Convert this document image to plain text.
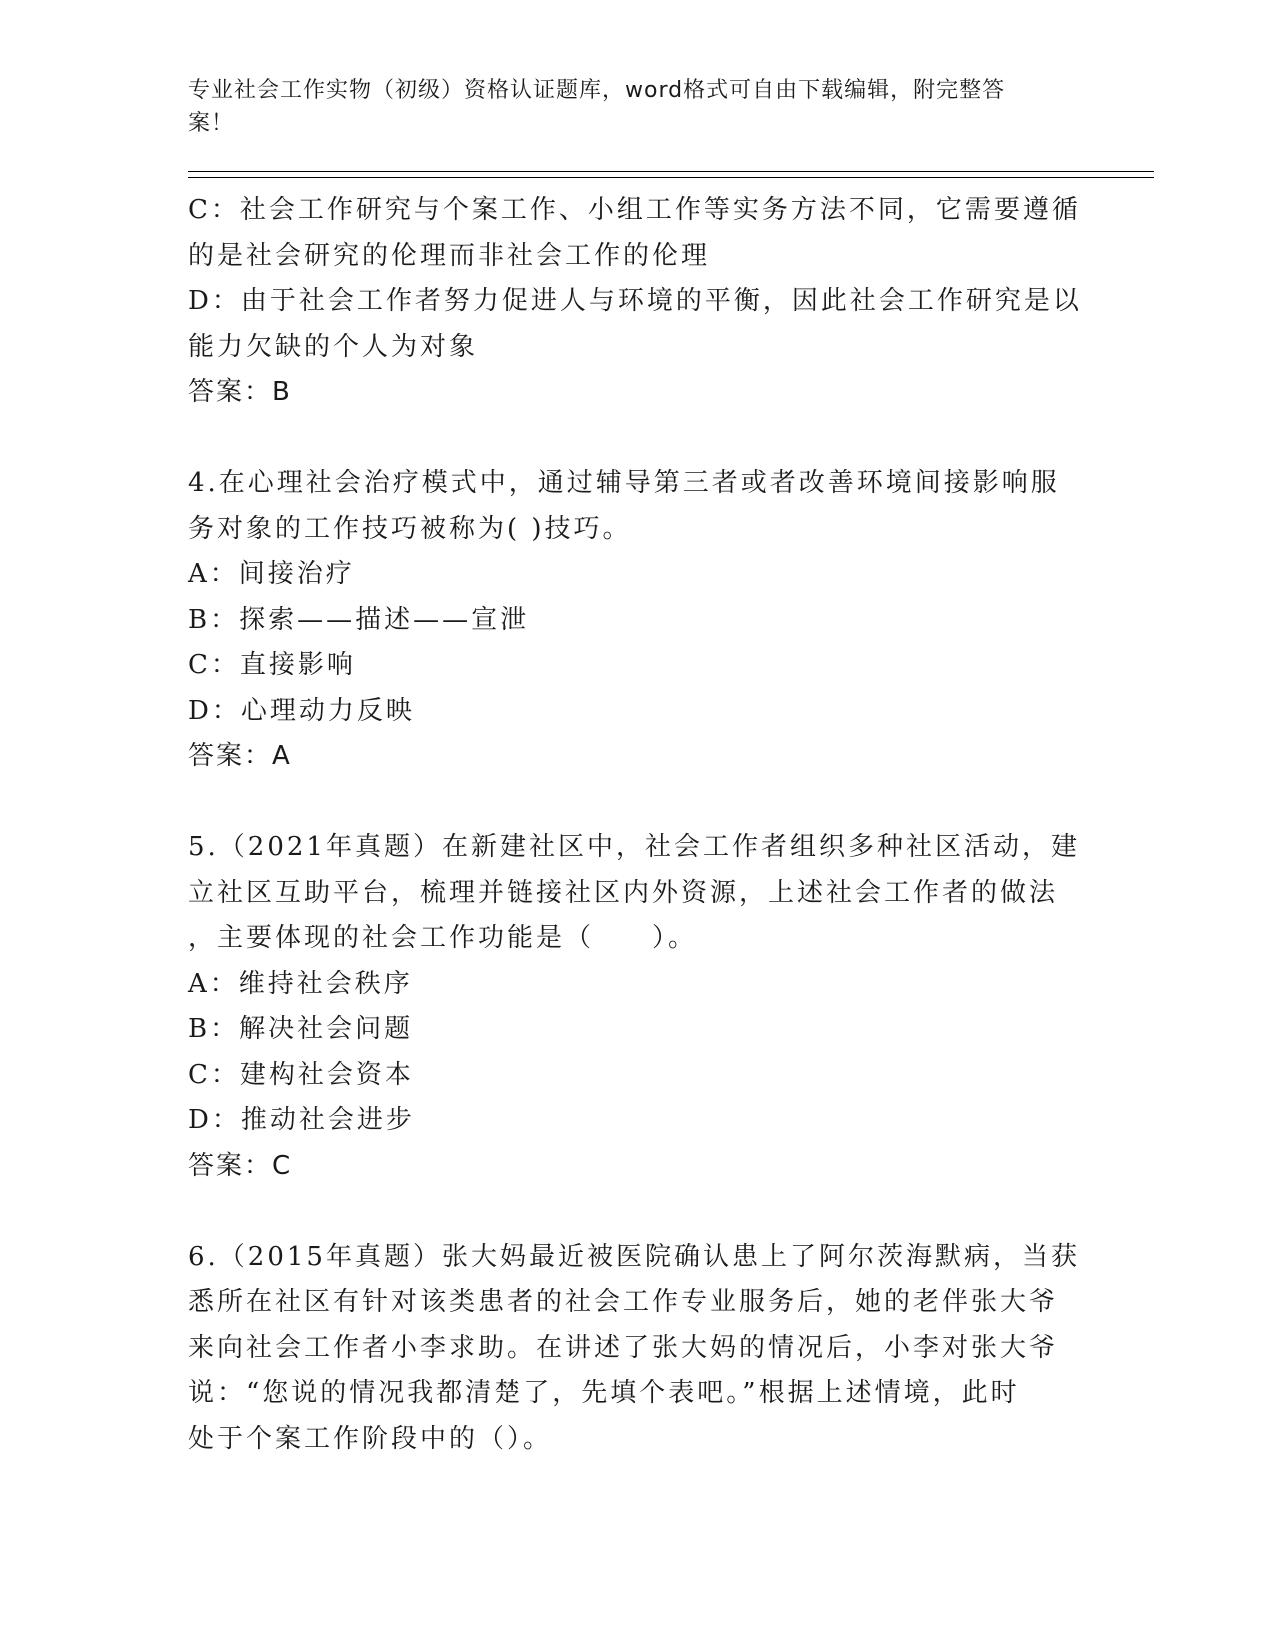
专业社会工作实物（初级）资格认证题库，word格式可自由下载编辑，附完整答
案！
C：社会工作研究与个案工作、小组工作等实务方法不同，它需要遵循
的是社会研究的伦理而非社会工作的伦理
D：由于社会工作者努力促进人与环境的平衡，因此社会工作研究是以
能力欠缺的个人为对象
答案：B
4.在心理社会治疗模式中，通过辅导第三者或者改善环境间接影响服
务对象的工作技巧被称为( )技巧。
A：间接治疗
B：探索——描述——宣泄
C：直接影响
D：心理动力反映
答案：A
5.（2021年真题）在新建社区中，社会工作者组织多种社区活动，建
立社区互助平台，梳理并链接社区内外资源，上述社会工作者的做法
，主要体现的社会工作功能是（　　）。
A：维持社会秩序
B：解决社会问题
C：建构社会资本
D：推动社会进步
答案：C
6.（2015年真题）张大妈最近被医院确认患上了阿尔茨海默病，当获
悉所在社区有针对该类患者的社会工作专业服务后，她的老伴张大爷
来向社会工作者小李求助。在讲述了张大妈的情况后，小李对张大爷
说：“您说的情况我都清楚了，先填个表吧。”根据上述情境，此时
处于个案工作阶段中的（）。
